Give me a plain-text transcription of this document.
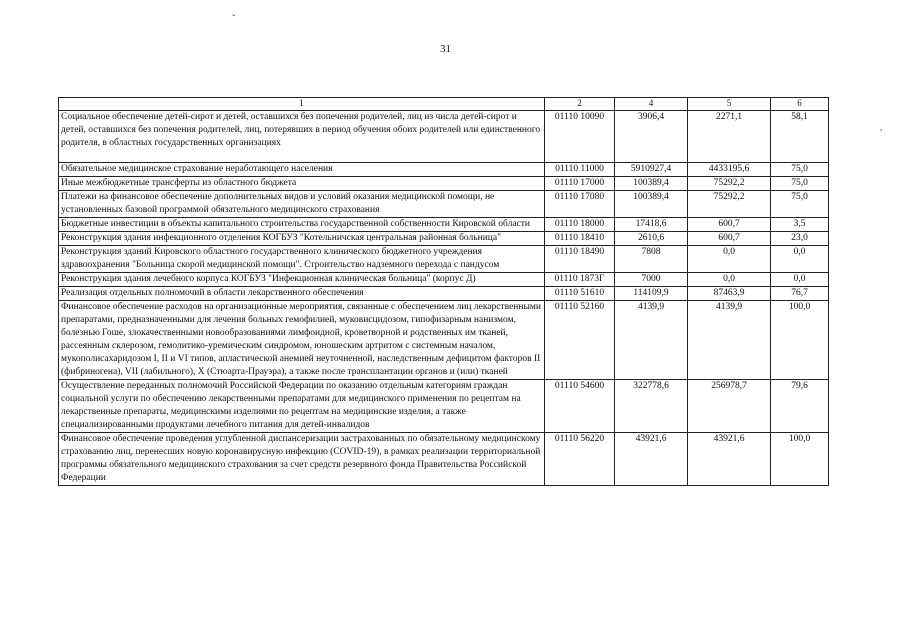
ˇ
,
31
1	2	4	5	6
Социальное обеспечение детей-сирот и детей, оставшихся без попечения родителей, лиц из числа детей-сирот и детей, оставшихся без попечения родителей, лиц, потерявших в период обучения обоих родителей или единственного родителя, в областных государственных организациях	01110 10090	3906,4	2271,1	58,1
Обязательное медицинское страхование неработающего населения	01110 11000	5910927,4	4433195,6	75,0
Иные межбюджетные трансферты из областного бюджета	01110 17000	100389,4	75292,2	75,0
Платежи на финансовое обеспечение дополнительных видов и условий оказания медицинской помощи, не установленных базовой программой обязательного медицинского страхования	01110 17080	100389,4	75292,2	75,0
Бюджетные инвестиции в объекты капитального строительства государственной собственности Кировской области	01110 18000	17418,6	600,7	3,5
Реконструкция здания инфекционного отделения КОГБУЗ "Котельничская центральная районная больница"	01110 18410	2610,6	600,7	23,0
Реконструкция зданий Кировского областного государственного клинического бюджетного учреждения здравоохранения "Больница скорой медицинской помощи". Строительство надземного перехода с пандусом	01110 18490	7808	0,0	0,0
Реконструкция здания лечебного корпуса КОГБУЗ "Инфекционная клиническая больница" (корпус Д)	01110 1873Г	7000	0,0	0,0
Реализация отдельных полномочий в области лекарственного обеспечения	01110 51610	114109,9	87463,9	76,7
Финансовое обеспечение расходов на организационные мероприятия, связанные с обеспечением лиц лекарственными препаратами, предназначенными для лечения больных гемофилией, муковисцидозом, гипофизарным нанизмом, болезнью Гоше, злокачественными новообразованиями лимфоидной, кроветворной и родственных им тканей, рассеянным склерозом, гемолитико-уремическим синдромом, юношеским артритом с системным началом, мукополисахаридозом I, II и VI типов, апластической анемией неуточненной, наследственным дефицитом факторов II (фибриногена), VII (лабильного), X (Стюарта-Прауэра), а также после трансплантации органов и (или) тканей	01110 52160	4139,9	4139,9	100,0
Осуществление переданных полномочий Российской Федерации по оказанию отдельным категориям граждан социальной услуги по обеспечению лекарственными препаратами для медицинского применения по рецептам на лекарственные препараты, медицинскими изделиями по рецептам на медицинские изделия, а также специализированными продуктами лечебного питания для детей-инвалидов	01110 54600	322778,6	256978,7	79,6
Финансовое обеспечение проведения углубленной диспансеризации застрахованных по обязательному медицинскому страхованию лиц, перенесших новую коронавирусную инфекцию (COVID-19), в рамках реализации территориальной программы обязательного медицинского страхования за счет средств резервного фонда Правительства Российской Федерации	01110 56220	43921,6	43921,6	100,0
